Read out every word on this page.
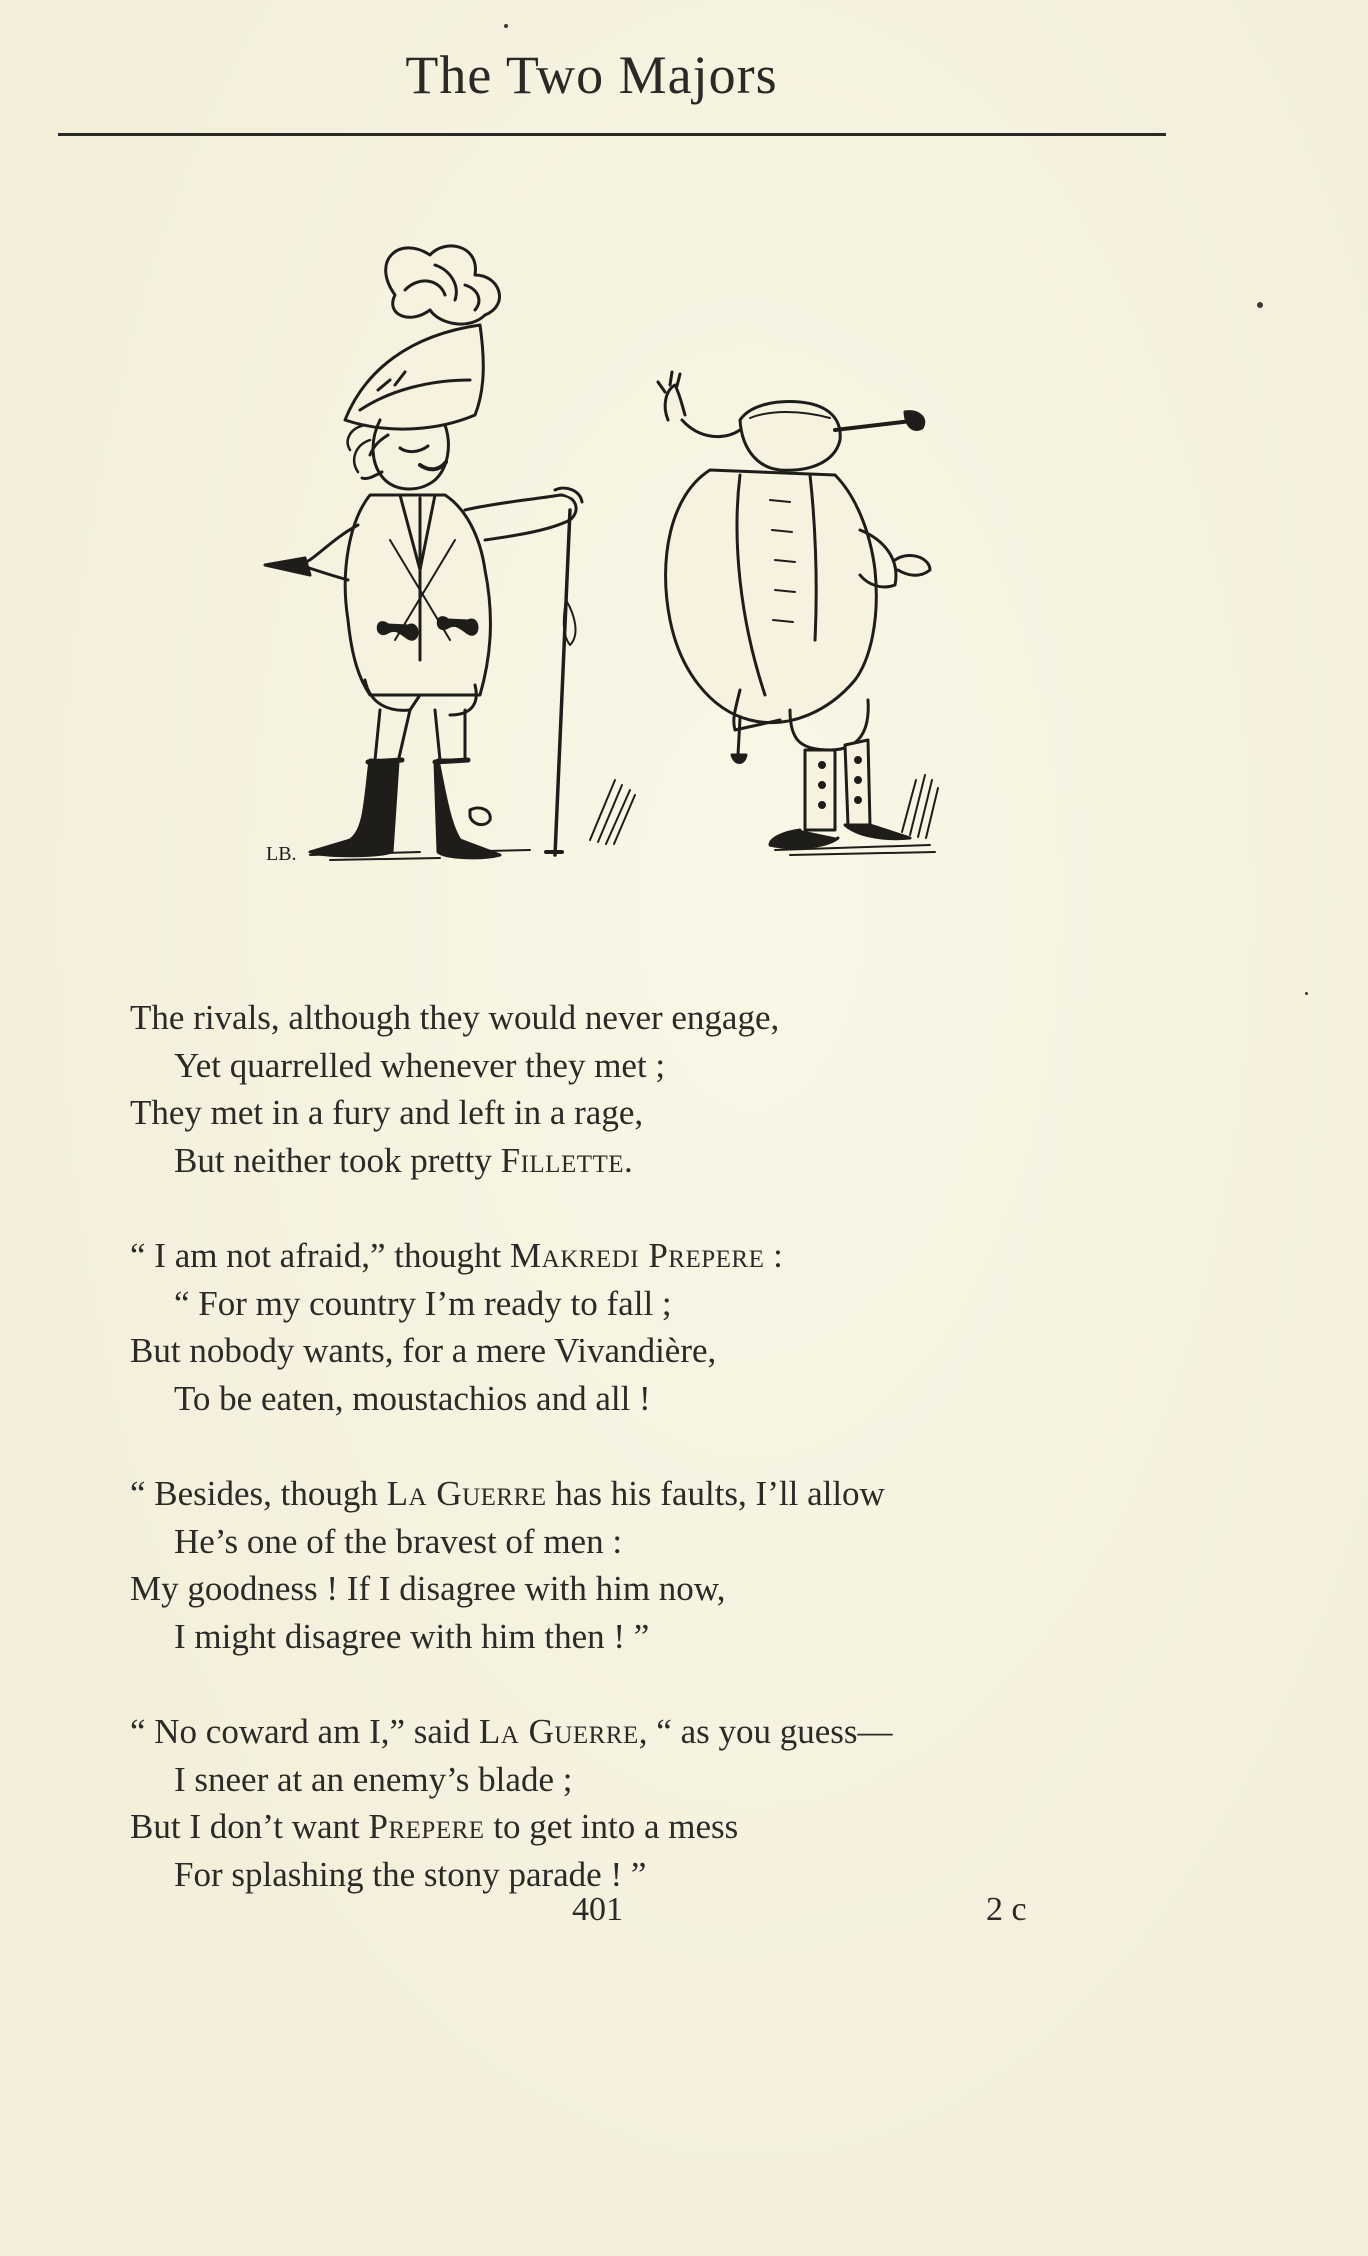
The Two Majors
LB.
The rivals, although they would never engage,
Yet quarrelled whenever they met ;
They met in a fury and left in a rage,
But neither took pretty Fillette.
“ I am not afraid,” thought Makredi Prepere :
“ For my country I’m ready to fall ;
But nobody wants, for a mere Vivandière,
To be eaten, moustachios and all !
“ Besides, though La Guerre has his faults, I’ll allow
He’s one of the bravest of men :
My goodness ! If I disagree with him now,
I might disagree with him then ! ”
“ No coward am I,” said La Guerre, “ as you guess—
I sneer at an enemy’s blade ;
But I don’t want Prepere to get into a mess
For splashing the stony parade ! ”
401	2 c
